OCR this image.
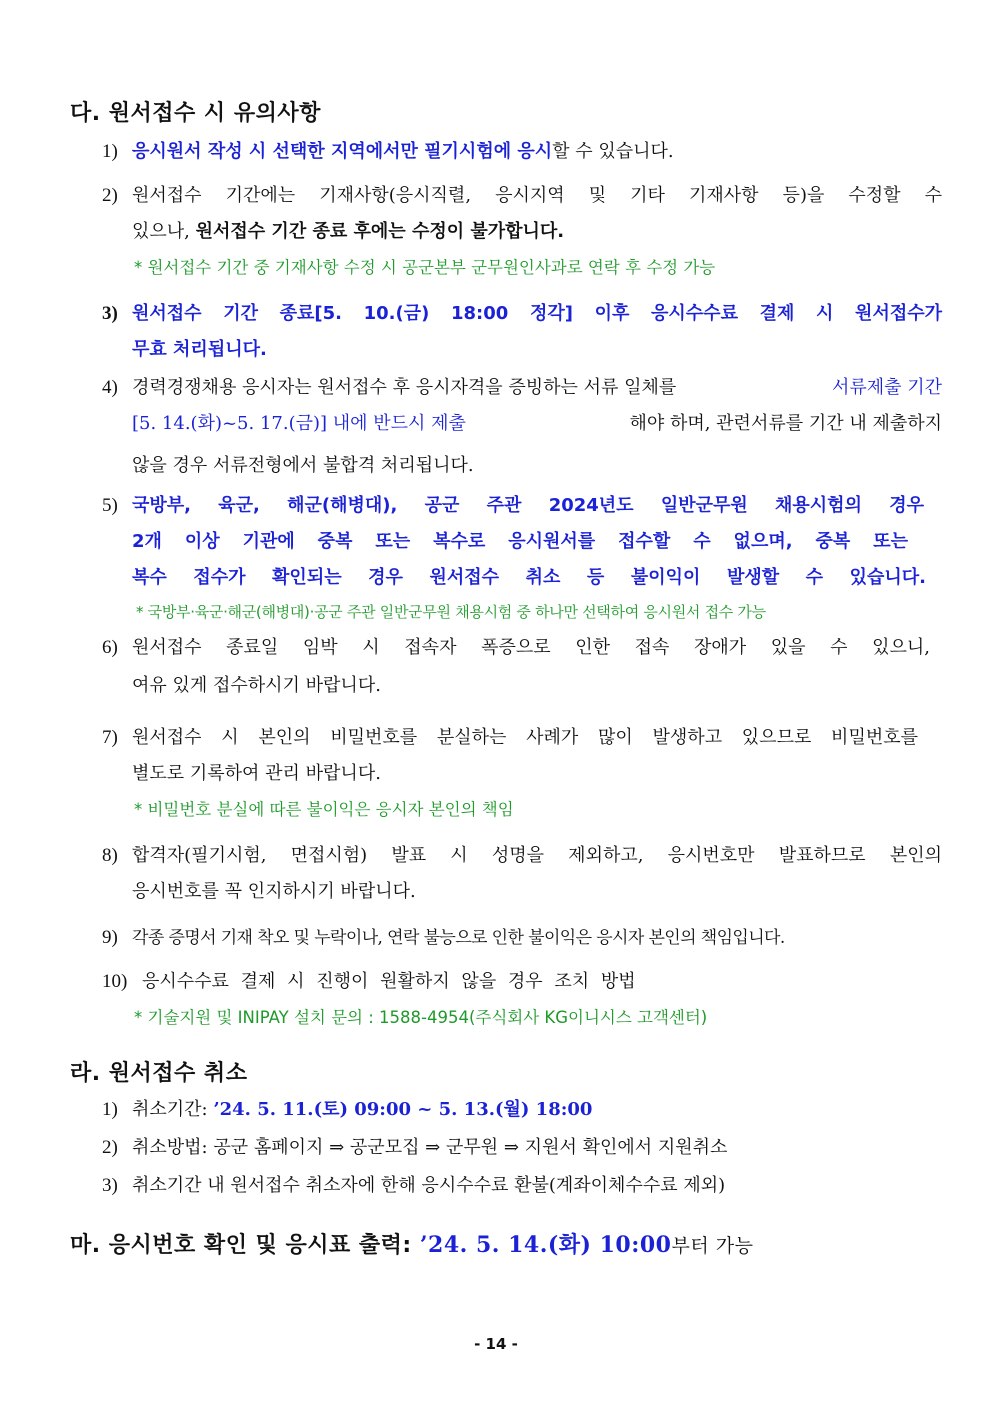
다. 원서접수 시 유의사항
1) 응시원서 작성 시 선택한 지역에서만 필기시험에 응시할 수 있습니다.
2) 원서접수 기간에는 기재사항(응시직렬, 응시지역 및 기타 기재사항 등)을 수정할 수
있으나, 원서접수 기간 종료 후에는 수정이 불가합니다.
* 원서접수 기간 중 기재사항 수정 시 공군본부 군무원인사과로 연락 후 수정 가능
3) 원서접수 기간 종료[5. 10.(금) 18:00 정각] 이후 응시수수료 결제 시 원서접수가
무효 처리됩니다.
4) 경력경쟁채용 응시자는 원서접수 후 응시자격을 증빙하는 서류 일체를	서류제출 기간
[5. 14.(화)~5. 17.(금)] 내에 반드시 제출	해야 하며, 관련서류를 기간 내 제출하지
않을 경우 서류전형에서 불합격 처리됩니다.
5) 국방부, 육군, 해군(해병대), 공군 주관 2024년도 일반군무원 채용시험의 경우
2개 이상 기관에 중복 또는 복수로 응시원서를 접수할 수 없으며, 중복 또는
복수 접수가 확인되는 경우 원서접수 취소 등 불이익이 발생할 수 있습니다.
* 국방부·육군·해군(해병대)·공군 주관 일반군무원 채용시험 중 하나만 선택하여 응시원서 접수 가능
6) 원서접수 종료일 임박 시 접속자 폭증으로 인한 접속 장애가 있을 수 있으니,
여유 있게 접수하시기 바랍니다.
7) 원서접수 시 본인의 비밀번호를 분실하는 사례가 많이 발생하고 있으므로 비밀번호를
별도로 기록하여 관리 바랍니다.
* 비밀번호 분실에 따른 불이익은 응시자 본인의 책임
8) 합격자(필기시험, 면접시험) 발표 시 성명을 제외하고, 응시번호만 발표하므로 본인의
응시번호를 꼭 인지하시기 바랍니다.
9) 각종 증명서 기재 착오 및 누락이나, 연락 불능으로 인한 불이익은 응시자 본인의 책임입니다.
10) 응시수수료 결제 시 진행이 원활하지 않을 경우 조치 방법
* 기술지원 및 INIPAY 설치 문의 : 1588-4954(주식회사 KG이니시스 고객센터)
라. 원서접수 취소
1) 취소기간: ’24. 5. 11.(토) 09:00 ~ 5. 13.(월) 18:00
2) 취소방법: 공군 홈페이지 ⇒ 공군모집 ⇒ 군무원 ⇒ 지원서 확인에서 지원취소
3) 취소기간 내 원서접수 취소자에 한해 응시수수료 환불(계좌이체수수료 제외)
마. 응시번호 확인 및 응시표 출력: ’24. 5. 14.(화) 10:00부터 가능
- 14 -
